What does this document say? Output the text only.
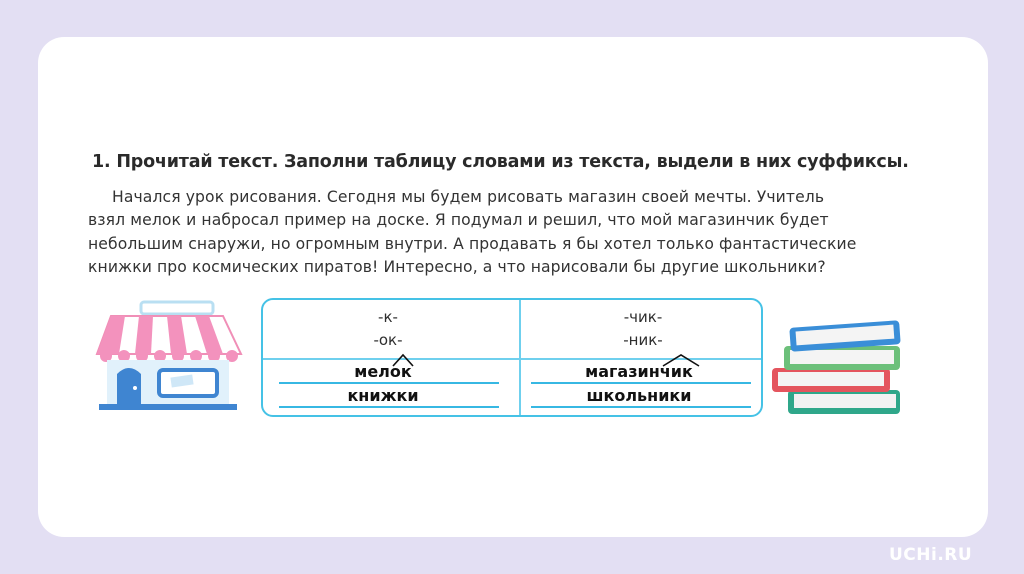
1. Прочитай текст. Заполни таблицу словами из текста, выдели в них суффиксы.
Начался урок рисования. Сегодня мы будем рисовать магазин своей мечты. Учитель
взял мелок и набросал пример на доске. Я подумал и решил, что мой магазинчик будет
небольшим снаружи, но огромным внутри. А продавать я бы хотел только фантастические
книжки про космических пиратов! Интересно, а что нарисовали бы другие школьники?
-к-
-ок-
-чик-
-ник-
мелок
книжки
магазинчик
школьники
UCHi.RU
